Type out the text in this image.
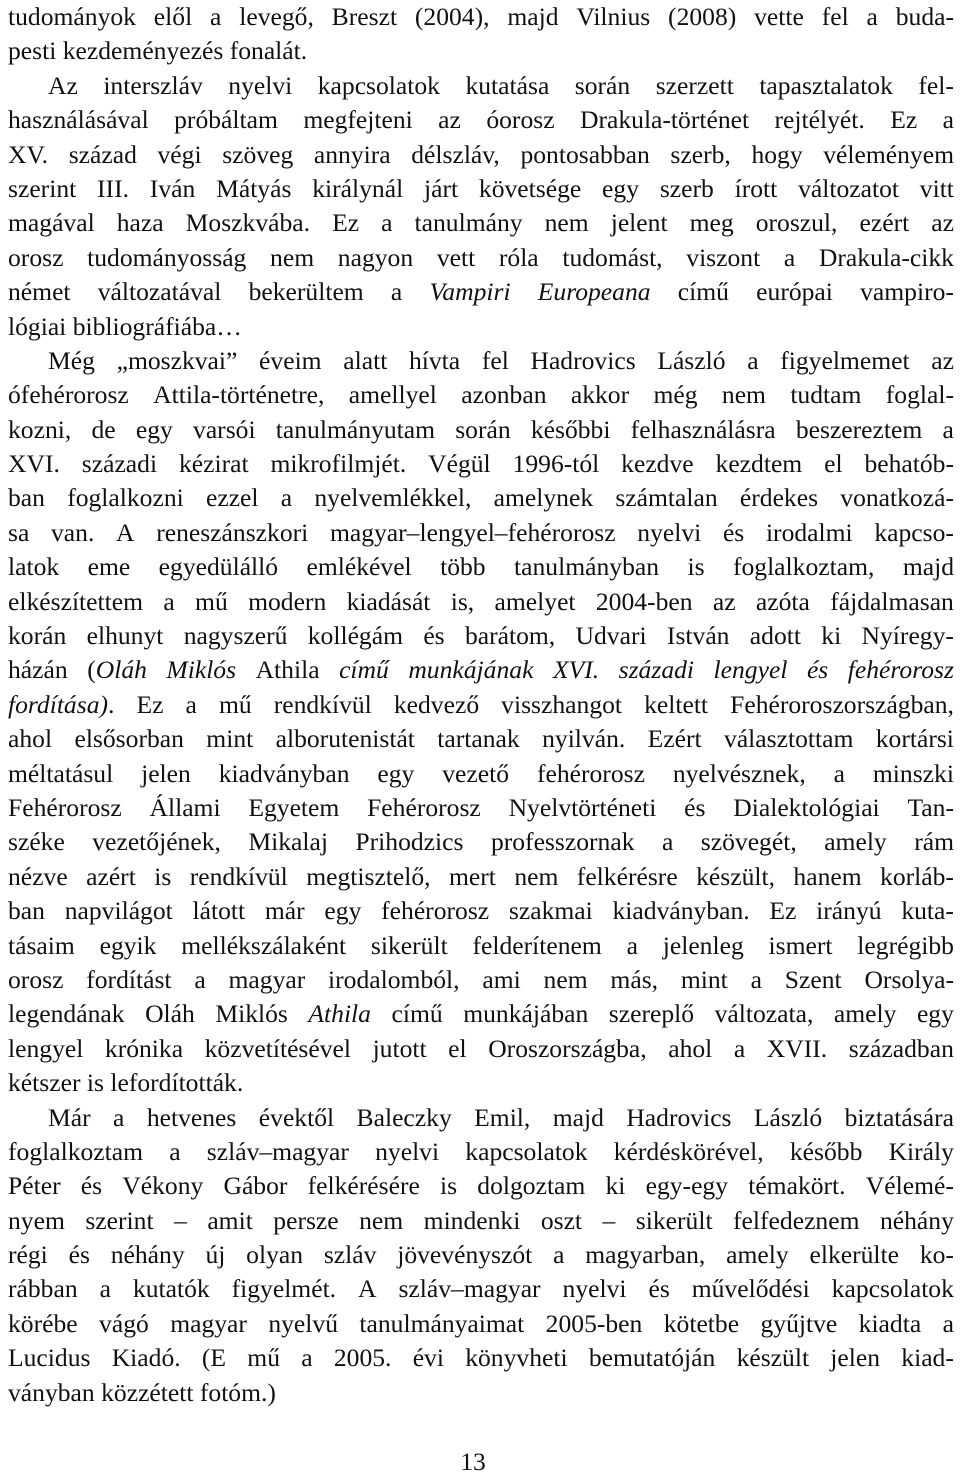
tudományok elől a levegő, Breszt (2004), majd Vilnius (2008) vette fel a buda-
pesti kezdeményezés fonalát.
Az interszláv nyelvi kapcsolatok kutatása során szerzett tapasztalatok fel-
használásával próbáltam megfejteni az óorosz Drakula-történet rejtélyét. Ez a
XV. század végi szöveg annyira délszláv, pontosabban szerb, hogy véleményem
szerint III. Iván Mátyás királynál járt követsége egy szerb írott változatot vitt
magával haza Moszkvába. Ez a tanulmány nem jelent meg oroszul, ezért az
orosz tudományosság nem nagyon vett róla tudomást, viszont a Drakula-cikk
német változatával bekerültem a Vampiri Europeana című európai vampiro-
lógiai bibliográfiába…
Még „moszkvai” éveim alatt hívta fel Hadrovics László a figyelmemet az
ófehérorosz Attila-történetre, amellyel azonban akkor még nem tudtam foglal-
kozni, de egy varsói tanulmányutam során későbbi felhasználásra beszereztem a
XVI. századi kézirat mikrofilmjét. Végül 1996-tól kezdve kezdtem el behatób-
ban foglalkozni ezzel a nyelvemlékkel, amelynek számtalan érdekes vonatkozá-
sa van. A reneszánszkori magyar–lengyel–fehérorosz nyelvi és irodalmi kapcso-
latok eme egyedülálló emlékével több tanulmányban is foglalkoztam, majd
elkészítettem a mű modern kiadását is, amelyet 2004-ben az azóta fájdalmasan
korán elhunyt nagyszerű kollégám és barátom, Udvari István adott ki Nyíregy-
házán (Oláh Miklós Athila című munkájának XVI. századi lengyel és fehérorosz
fordítása). Ez a mű rendkívül kedvező visszhangot keltett Fehéroroszországban,
ahol elsősorban mint alborutenistát tartanak nyilván. Ezért választottam kortársi
méltatásul jelen kiadványban egy vezető fehérorosz nyelvésznek, a minszki
Fehérorosz Állami Egyetem Fehérorosz Nyelvtörténeti és Dialektológiai Tan-
széke vezetőjének, Mikalaj Prihodzics professzornak a szövegét, amely rám
nézve azért is rendkívül megtisztelő, mert nem felkérésre készült, hanem korláb-
ban napvilágot látott már egy fehérorosz szakmai kiadványban. Ez irányú kuta-
tásaim egyik mellékszálaként sikerült felderítenem a jelenleg ismert legrégibb
orosz fordítást a magyar irodalomból, ami nem más, mint a Szent Orsolya-
legendának Oláh Miklós Athila című munkájában szereplő változata, amely egy
lengyel krónika közvetítésével jutott el Oroszországba, ahol a XVII. században
kétszer is lefordították.
Már a hetvenes évektől Baleczky Emil, majd Hadrovics László biztatására
foglalkoztam a szláv–magyar nyelvi kapcsolatok kérdéskörével, később Király
Péter és Vékony Gábor felkérésére is dolgoztam ki egy-egy témakört. Vélemé-
nyem szerint – amit persze nem mindenki oszt – sikerült felfedeznem néhány
régi és néhány új olyan szláv jövevényszót a magyarban, amely elkerülte ko-
rábban a kutatók figyelmét. A szláv–magyar nyelvi és művelődési kapcsolatok
körébe vágó magyar nyelvű tanulmányaimat 2005-ben kötetbe gyűjtve kiadta a
Lucidus Kiadó. (E mű a 2005. évi könyvheti bemutatóján készült jelen kiad-
ványban közzétett fotóm.)
13
